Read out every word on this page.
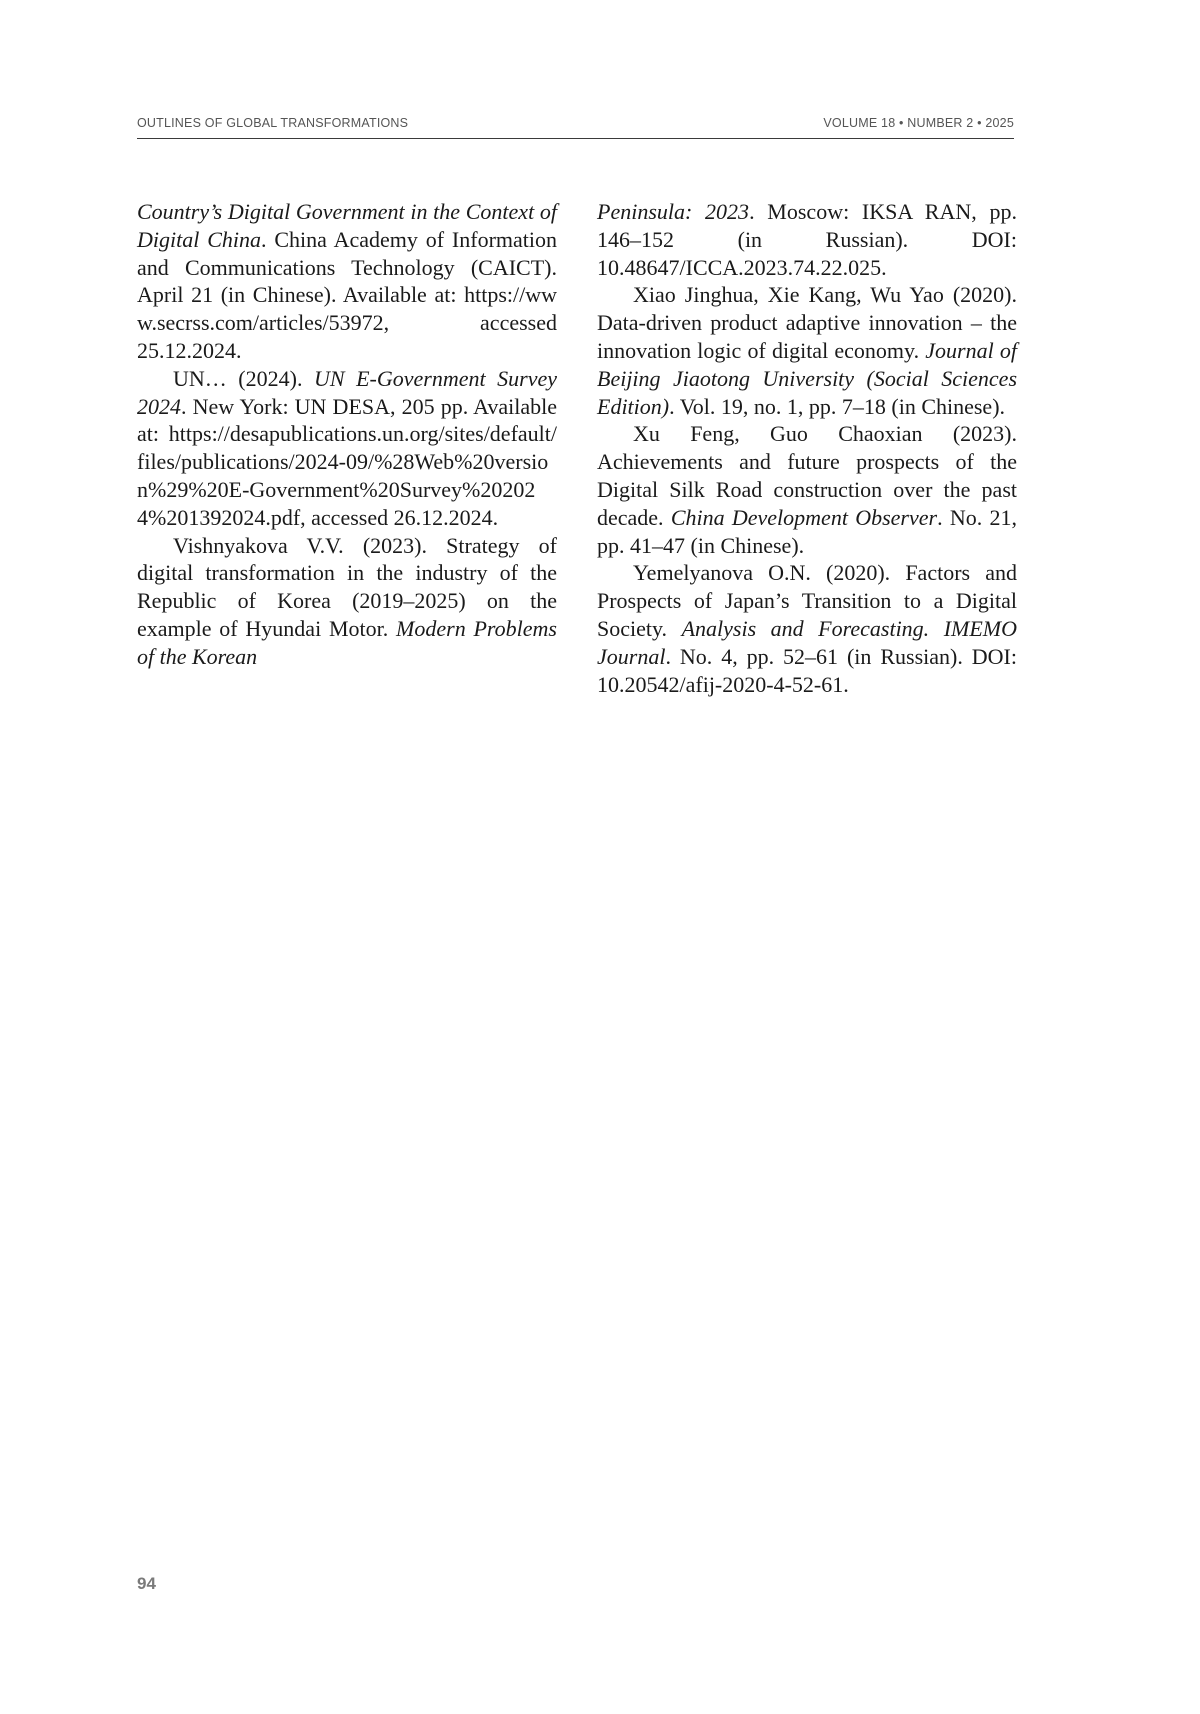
OUTLINES OF GLOBAL TRANSFORMATIONS	VOLUME 18 • NUMBER 2 • 2025

Country’s Digital Government in the Context of Digital China. China Academy of Information and Communications Technology (CAICT). April 21 (in Chinese). Available at: https://www.secrss.com/articles/53972, accessed 25.12.2024.

UN… (2024). UN E-Government Survey 2024. New York: UN DESA, 205 pp. Available at: https://desapublications.un.org/sites/default/files/publications/2024-09/%28Web%20version%29%20E-Government%20Survey%202024%201392024.pdf, accessed 26.12.2024.

Vishnyakova V.V. (2023). Strategy of digital transformation in the industry of the Republic of Korea (2019–2025) on the example of Hyundai Motor. Modern Problems of the Korean

Peninsula: 2023. Moscow: IKSA RAN, pp. 146–152 (in Russian). DOI: 10.48647/ICCA.2023.74.22.025.

Xiao Jinghua, Xie Kang, Wu Yao (2020). Data-driven product adaptive innovation – the innovation logic of digital economy. Journal of Beijing Jiaotong University (Social Sciences Edition). Vol. 19, no. 1, pp. 7–18 (in Chinese).

Xu Feng, Guo Chaoxian (2023). Achievements and future prospects of the Digital Silk Road construction over the past decade. China Development Observer. No. 21, pp. 41–47 (in Chinese).

Yemelyanova O.N. (2020). Factors and Prospects of Japan’s Transition to a Digital Society. Analysis and Forecasting. IMEMO Journal. No. 4, pp. 52–61 (in Russian). DOI: 10.20542/afij-2020-4-52-61.

94
